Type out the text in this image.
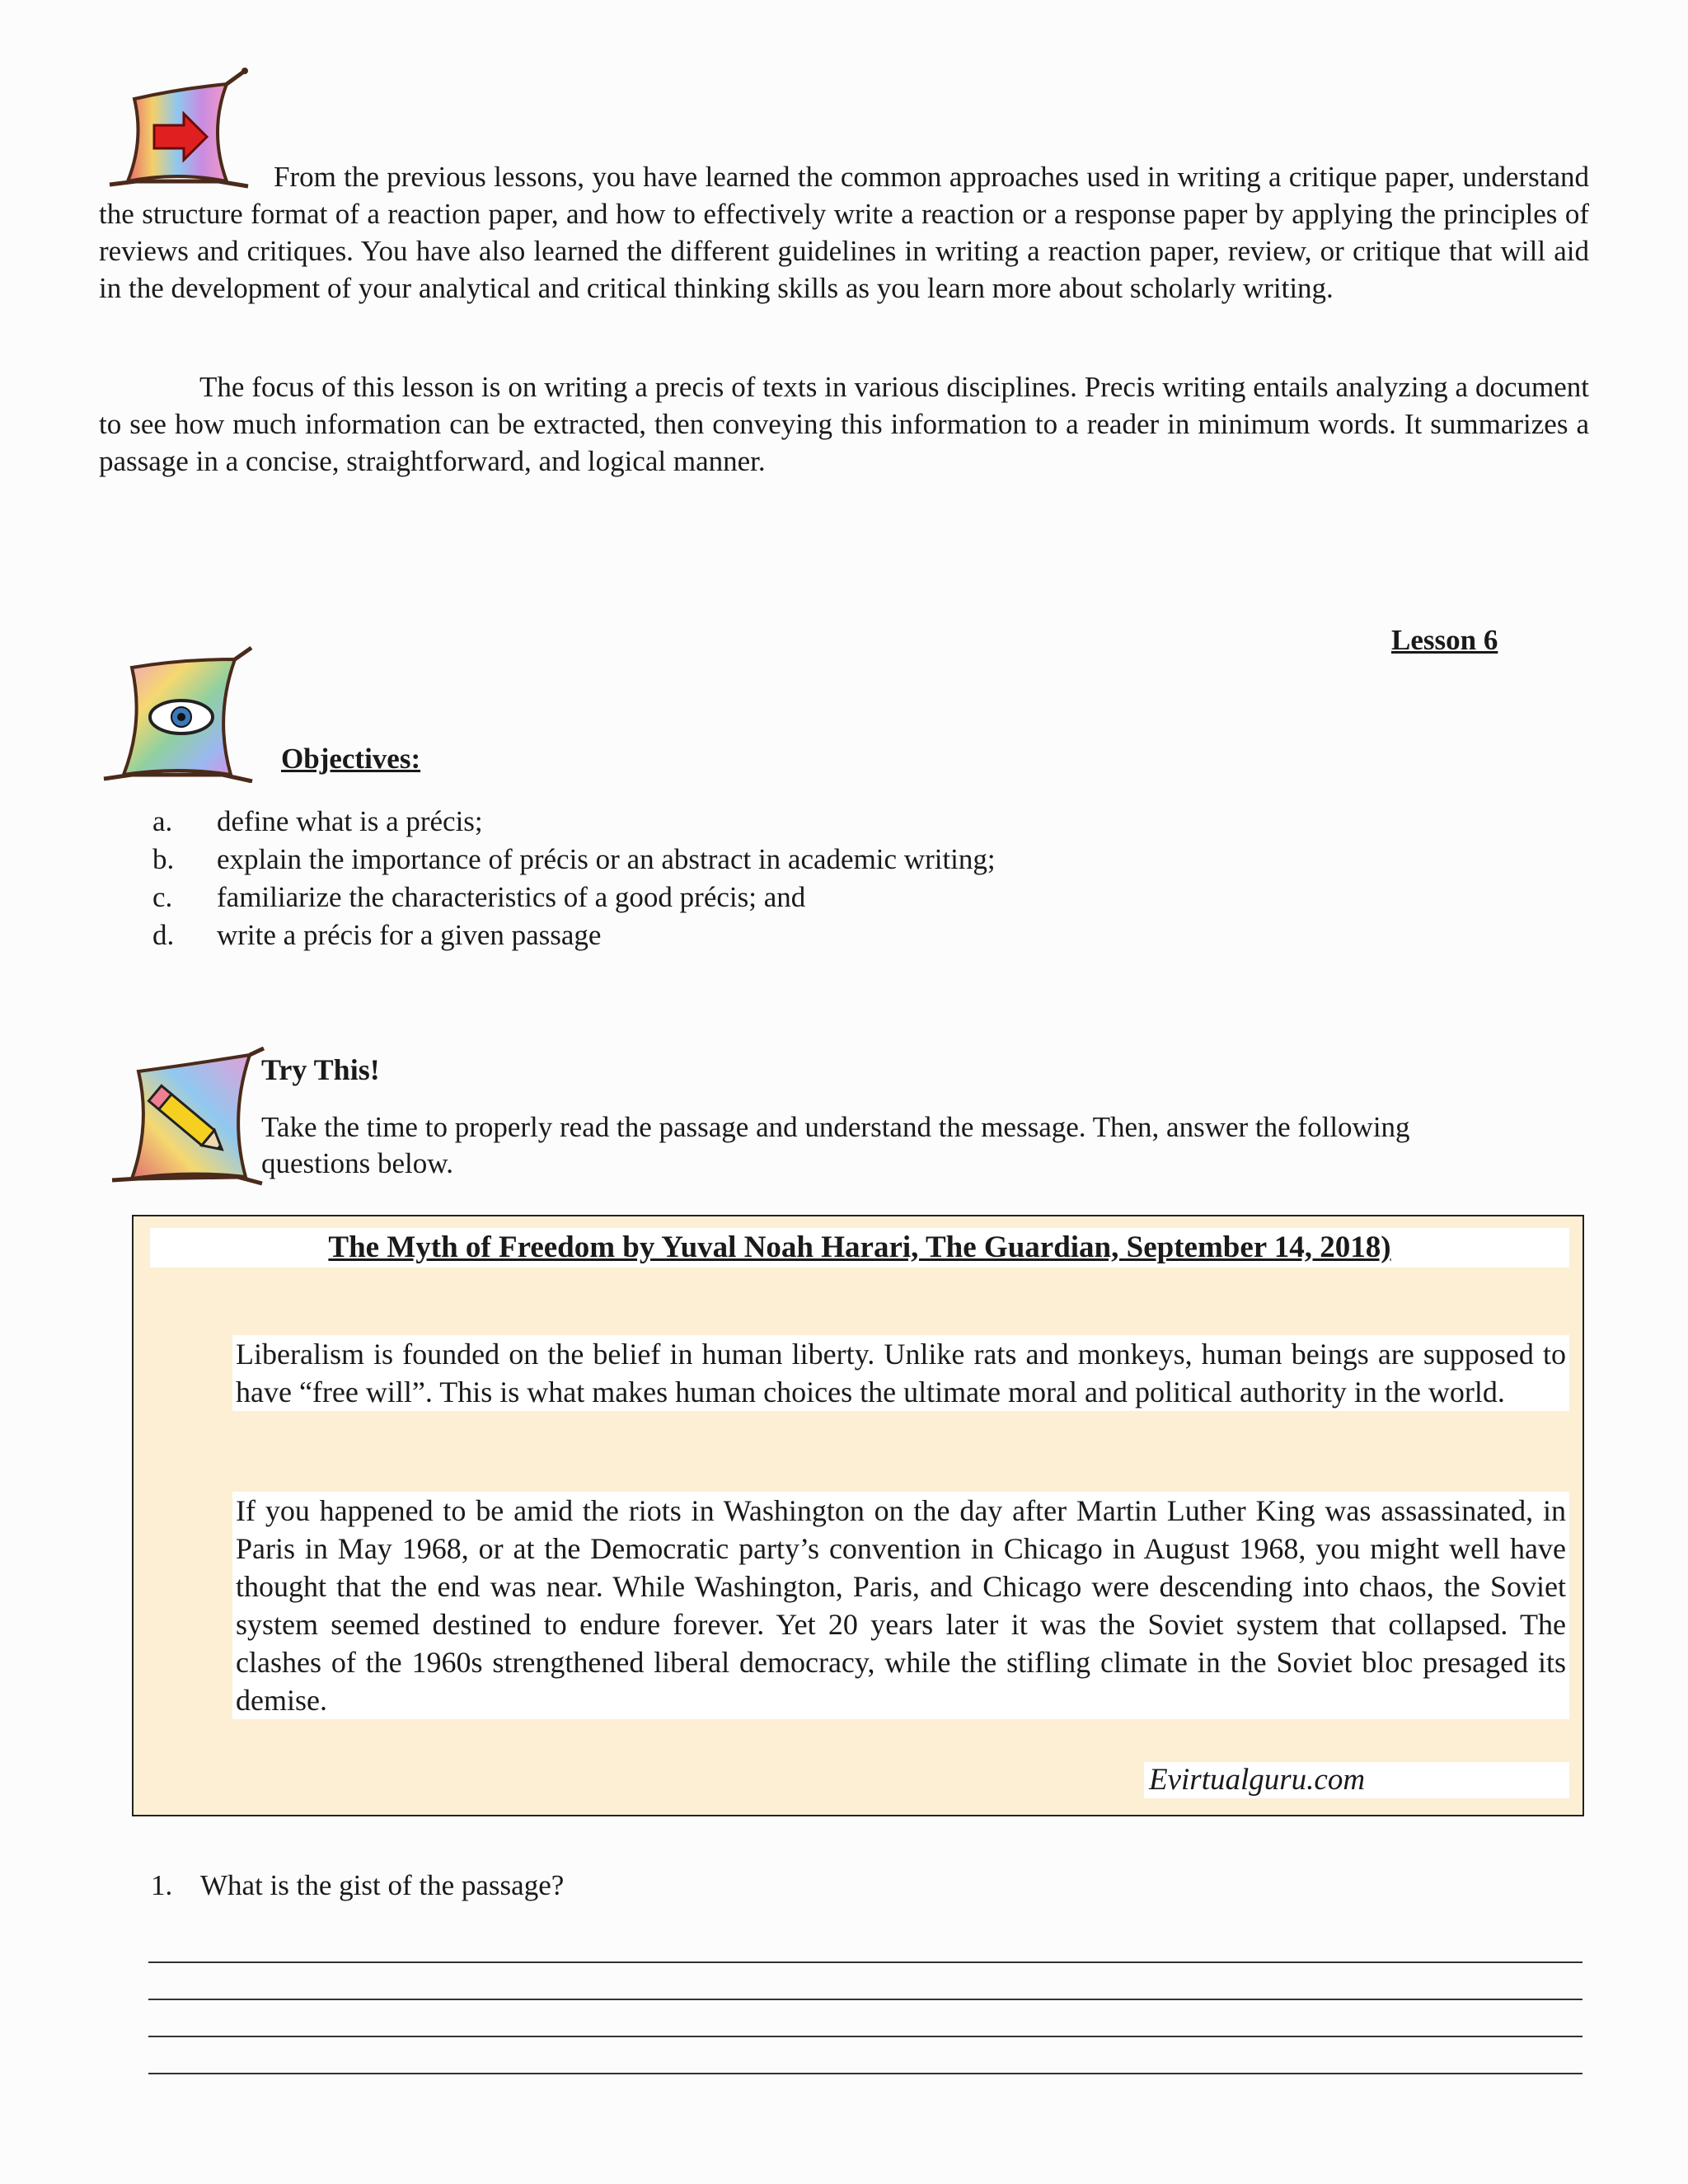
From the previous lessons, you have learned the common approaches used in writing a critique paper, understand the structure format of a reaction paper, and how to effectively write a reaction or a response paper by applying the principles of reviews and critiques. You have also learned the different guidelines in writing a reaction paper, review, or critique that will aid in the development of your analytical and critical thinking skills as you learn more about scholarly writing.

The focus of this lesson is on writing a precis of texts in various disciplines. Precis writing entails analyzing a document to see how much information can be extracted, then conveying this information to a reader in minimum words. It summarizes a passage in a concise, straightforward, and logical manner.

Lesson 6
Objectives:
a.	define what is a précis;
b.	explain the importance of précis or an abstract in academic writing;
c.	familiarize the characteristics of a good précis; and
d.	write a précis for a given passage
Try This!
Take the time to properly read the passage and understand the message. Then, answer the following questions below.
The Myth of Freedom by Yuval Noah Harari, The Guardian, September 14, 2018)

Liberalism is founded on the belief in human liberty. Unlike rats and monkeys, human beings are supposed to have “free will”. This is what makes human choices the ultimate moral and political authority in the world.

If you happened to be amid the riots in Washington on the day after Martin Luther King was assassinated, in Paris in May 1968, or at the Democratic party’s convention in Chicago in August 1968, you might well have thought that the end was near. While Washington, Paris, and Chicago were descending into chaos, the Soviet system seemed destined to endure forever. Yet 20 years later it was the Soviet system that collapsed. The clashes of the 1960s strengthened liberal democracy, while the stifling climate in the Soviet bloc presaged its demise.

Evirtualguru.com
1. What is the gist of the passage?
